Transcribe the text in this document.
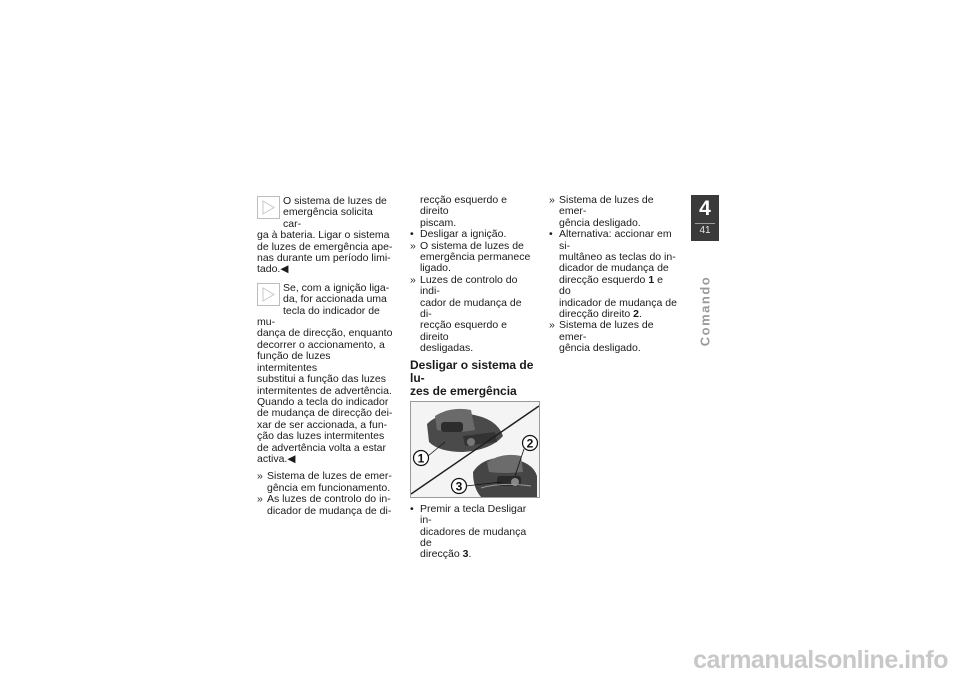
O sistema de luzes de
emergência solicita car-
ga à bateria. Ligar o sistema
de luzes de emergência ape-
nas durante um período limi-
tado.◀

Se, com a ignição liga-
da, for accionada uma
tecla do indicador de mu-
dança de direcção, enquanto
decorrer o accionamento, a
função de luzes intermitentes
substitui a função das luzes
intermitentes de advertência.
Quando a tecla do indicador
de mudança de direcção dei-
xar de ser accionada, a fun-
ção das luzes intermitentes
de advertência volta a estar
activa.◀

» Sistema de luzes de emer-
gência em funcionamento.

» As luzes de controlo do in-
dicador de mudança de di-

recção esquerdo e direito
piscam.

• Desligar a ignição.

» O sistema de luzes de
emergência permanece
ligado.

» Luzes de controlo do indi-
cador de mudança de di-
recção esquerdo e direito
desligadas.

Desligar o sistema de lu-
zes de emergência
1
2
3

• Premir a tecla Desligar in-
dicadores de mudança de
direcção 3.

» Sistema de luzes de emer-
gência desligado.

• Alternativa: accionar em si-
multâneo as teclas do in-
dicador de mudança de
direcção esquerdo 1 e do
indicador de mudança de
direcção direito 2.

» Sistema de luzes de emer-
gência desligado.

4
41
Comando
carmanualsonline.info
